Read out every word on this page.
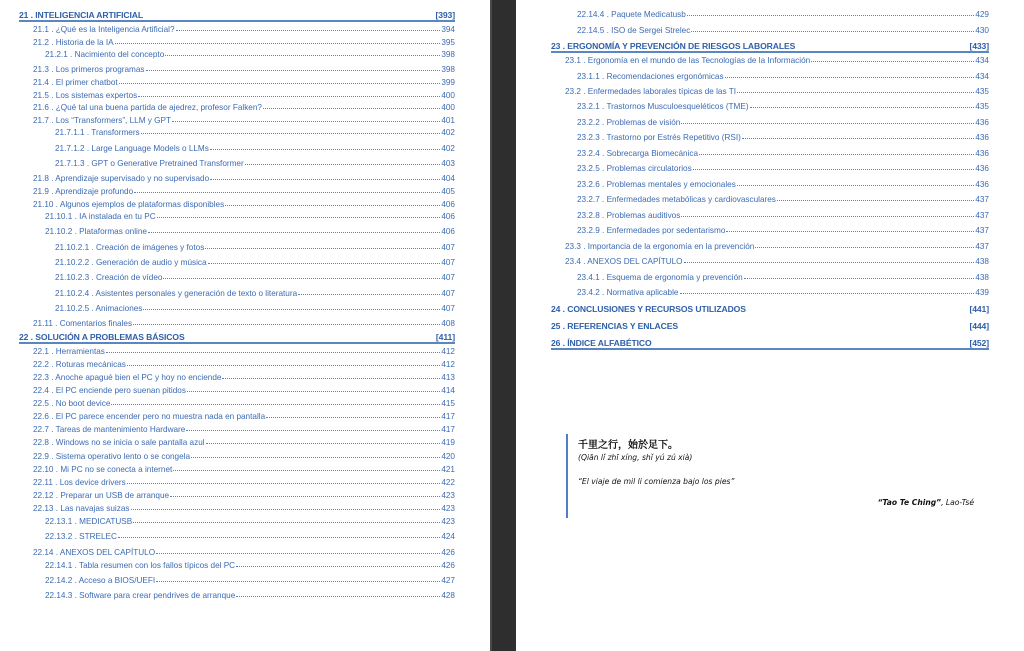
21 . INTELIGENCIA ARTIFICIAL	[393]
21.1 . ¿Qué es la Inteligencia Artificial?	394
21.2 . Historia de la IA	395
21.2.1 . Nacimiento del concepto	398
21.3 . Los primeros programas	398
21.4 . El primer chatbot	399
21.5 . Los sistemas expertos	400
21.6 . ¿Qué tal una buena partida de ajedrez, profesor Falken?	400
21.7 . Los “Transformers”, LLM y GPT	401
21.7.1.1 . Transformers	402
21.7.1.2 . Large Language Models o LLMs	402
21.7.1.3 . GPT o Generative Pretrained Transformer	403
21.8 . Aprendizaje supervisado y no supervisado	404
21.9 . Aprendizaje profundo	405
21.10 . Algunos ejemplos de plataformas disponibles	406
21.10.1 . IA instalada en tu PC	406
21.10.2 . Plataformas online	406
21.10.2.1 . Creación de imágenes y fotos	407
21.10.2.2 . Generación de audio y música	407
21.10.2.3 . Creación de vídeo	407
21.10.2.4 . Asistentes personales y generación de texto o literatura	407
21.10.2.5 . Animaciones	407
21.11 . Comentarios finales	408
22 . SOLUCIÓN A PROBLEMAS BÁSICOS	[411]
22.1 . Herramientas	412
22.2 . Roturas mecánicas	412
22.3 . Anoche apagué bien el PC y hoy no enciende	413
22.4 . El PC enciende pero suenan pitidos	414
22.5 . No boot device	415
22.6 . El PC parece encender pero no muestra nada en pantalla	417
22.7 . Tareas de mantenimiento Hardware	417
22.8 . Windows no se inicia o sale pantalla azul	419
22.9 . Sistema operativo lento o se congela	420
22.10 . Mi PC no se conecta a internet	421
22.11 . Los device drivers	422
22.12 . Preparar un USB de arranque	423
22.13 . Las navajas suizas	423
22.13.1 . MEDICATUSB	423
22.13.2 . STRELEC	424
22.14 . ANEXOS DEL CAPÍTULO	426
22.14.1 . Tabla resumen con los fallos típicos del PC	426
22.14.2 . Acceso a BIOS/UEFI	427
22.14.3 . Software para crear pendrives de arranque	428
22.14.4 . Paquete Medicatusb	429
22.14.5 . ISO de Sergei Strelec	430
23 . ERGONOMÍA Y PREVENCIÓN DE RIESGOS LABORALES	[433]
23.1 . Ergonomía en el mundo de las Tecnologías de la Información	434
23.1.1 . Recomendaciones ergonómicas	434
23.2 . Enfermedades laborales típicas de las TI	435
23.2.1 . Trastornos Musculoesqueléticos (TME)	435
23.2.2 . Problemas de visión	436
23.2.3 . Trastorno por Estrés Repetitivo (RSI)	436
23.2.4 . Sobrecarga Biomecánica	436
23.2.5 . Problemas circulatorios	436
23.2.6 . Problemas mentales y emocionales	436
23.2.7 . Enfermedades metabólicas y cardiovasculares	437
23.2.8 . Problemas auditivos	437
23.2.9 . Enfermedades por sedentarismo	437
23.3 . Importancia de la ergonomía en la prevención	437
23.4 . ANEXOS DEL CAPÍTULO	438
23.4.1 . Esquema de ergonomía y prevención	438
23.4.2 . Normativa aplicable	439
24 . CONCLUSIONES Y RECURSOS UTILIZADOS	[441]
25 . REFERENCIAS Y ENLACES	[444]
26 . ÍNDICE ALFABÉTICO	[452]
千里之行，始於足下。
(Qiān lǐ zhī xíng, shǐ yú zú xià)
“El viaje de mil li comienza bajo los pies”
“Tao Te Ching”, Lao-Tsé
